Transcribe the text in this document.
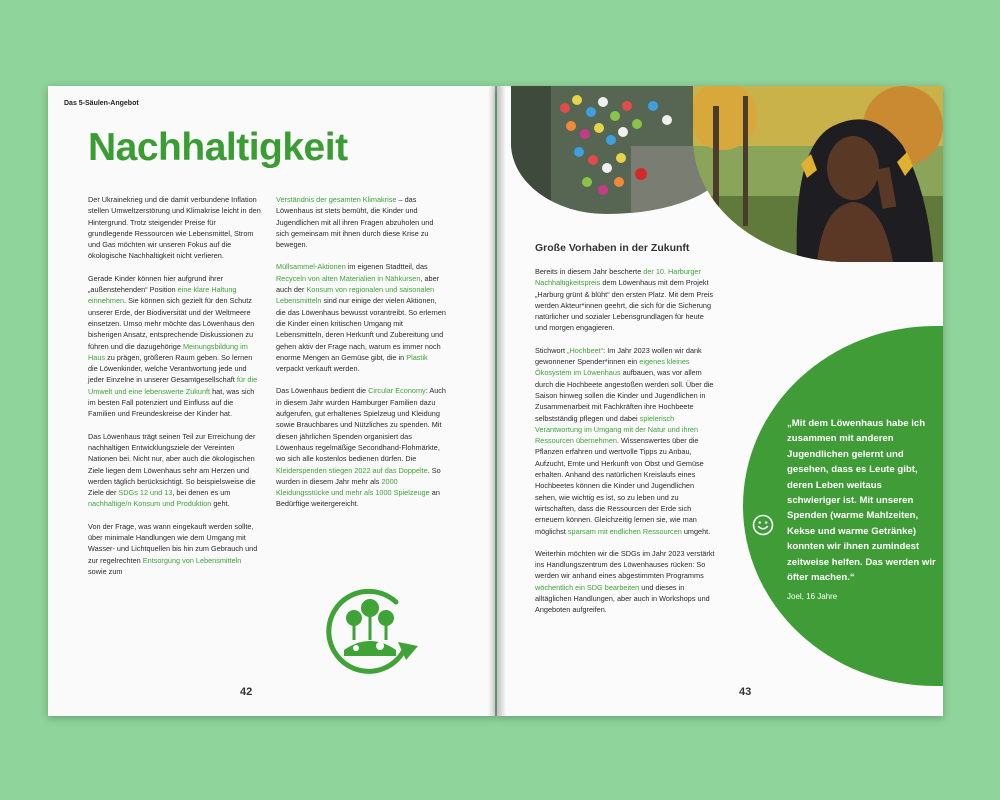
Das 5-Säulen-Angebot
Nachhaltigkeit

Der Ukrainekrieg und die damit verbundene Inflation stellen Umweltzerstörung und Klimakrise leicht in den Hintergrund. Trotz steigender Preise für grundlegende Ressourcen wie Lebensmittel, Strom und Gas möchten wir unseren Fokus auf die ökologische Nachhaltigkeit nicht verlieren.

Gerade Kinder können hier aufgrund ihrer „außenstehenden“ Position eine klare Haltung einnehmen. Sie können sich gezielt für den Schutz unserer Erde, der Biodiversität und der Weltmeere einsetzen. Umso mehr möchte das Löwenhaus den bisherigen Ansatz, entsprechende Diskussionen zu führen und die dazugehörige Meinungsbildung im Haus zu prägen, größeren Raum geben. So lernen die Löwenkinder, welche Verantwortung jede und jeder Einzelne in unserer Gesamtgesellschaft für die Umwelt und eine lebenswerte Zukunft hat, was sich im besten Fall potenziert und Einfluss auf die Familien und Freundeskreise der Kinder hat.

Das Löwenhaus trägt seinen Teil zur Erreichung der nachhaltigen Entwicklungsziele der Vereinten Nationen bei. Nicht nur, aber auch die ökologischen Ziele liegen dem Löwenhaus sehr am Herzen und werden täglich berücksichtigt. So beispielsweise die Ziele der SDGs 12 und 13, bei denen es um nachhaltige/n Konsum und Produktion geht.

Von der Frage, was wann eingekauft werden sollte, über minimale Handlungen wie dem Umgang mit Wasser- und Lichtquellen bis hin zum Gebrauch und zur regelrechten Entsorgung von Lebensmitteln sowie zum

Verständnis der gesamten Klimakrise – das Löwenhaus ist stets bemüht, die Kinder und Jugendlichen mit all ihren Fragen abzuholen und sich gemeinsam mit ihnen durch diese Krise zu bewegen.

Müllsammel-Aktionen im eigenen Stadtteil, das Recyceln von alten Materialien in Nähkursen, aber auch der Konsum von regionalen und saisonalen Lebensmitteln sind nur einige der vielen Aktionen, die das Löwenhaus bewusst vorantreibt. So erlernen die Kinder einen kritischen Umgang mit Lebensmitteln, deren Herkunft und Zubereitung und gehen aktiv der Frage nach, warum es immer noch enorme Mengen an Gemüse gibt, die in Plastik verpackt verkauft werden.

Das Löwenhaus bedient die Circular Economy: Auch in diesem Jahr wurden Hamburger Familien dazu aufgerufen, gut erhaltenes Spielzeug und Kleidung sowie Brauchbares und Nützliches zu spenden. Mit diesen jährlichen Spenden organisiert das Löwenhaus regelmäßige Secondhand-Flohmärkte, wo sich alle kostenlos bedienen dürfen. Die Kleiderspenden stiegen 2022 auf das Doppelte. So wurden in diesem Jahr mehr als 2000 Kleidungsstücke und mehr als 1000 Spielzeuge an Bedürftige weitergereicht.

42
Große Vorhaben in der Zukunft

Bereits in diesem Jahr bescherte der 10. Harburger Nachhaltigkeitspreis dem Löwenhaus mit dem Projekt „Harburg grünt & blüht“ den ersten Platz. Mit dem Preis werden Akteur*innen geehrt, die sich für die Sicherung natürlicher und sozialer Lebensgrundlagen für heute und morgen engagieren.

Stichwort „Hochbeet“: Im Jahr 2023 wollen wir dank gewonnener Spender*innen ein eigenes kleines Ökosystem im Löwenhaus aufbauen, was vor allem durch die Hochbeete angestoßen werden soll. Über die Saison hinweg sollen die Kinder und Jugendlichen in Zusammenarbeit mit Fachkräften ihre Hochbeete selbstständig pflegen und dabei spielerisch Verantwortung im Umgang mit der Natur und ihren Ressourcen übernehmen. Wissenswertes über die Pflanzen erfahren und wertvolle Tipps zu Anbau, Aufzucht, Ernte und Herkunft von Obst und Gemüse erhalten. Anhand des natürlichen Kreislaufs eines Hochbeetes können die Kinder und Jugendlichen sehen, wie wichtig es ist, so zu leben und zu wirtschaften, dass die Ressourcen der Erde sich erneuern können. Gleichzeitig lernen sie, wie man möglichst sparsam mit endlichen Ressourcen umgeht.

Weiterhin möchten wir die SDGs im Jahr 2023 verstärkt ins Handlungszentrum des Löwenhauses rücken: So werden wir anhand eines abgestimmten Programms wöchentlich ein SDG bearbeiten und dieses in alltäglichen Handlungen, aber auch in Workshops und Angeboten aufgreifen.

„Mit dem Löwenhaus habe ich zusammen mit anderen Jugendlichen gelernt und gesehen, dass es Leute gibt, deren Leben weitaus schwieriger ist. Mit unseren Spenden (warme Mahlzeiten, Kekse und warme Getränke) konnten wir ihnen zumindest zeitweise helfen. Das werden wir öfter machen.“
Joel, 16 Jahre
43
